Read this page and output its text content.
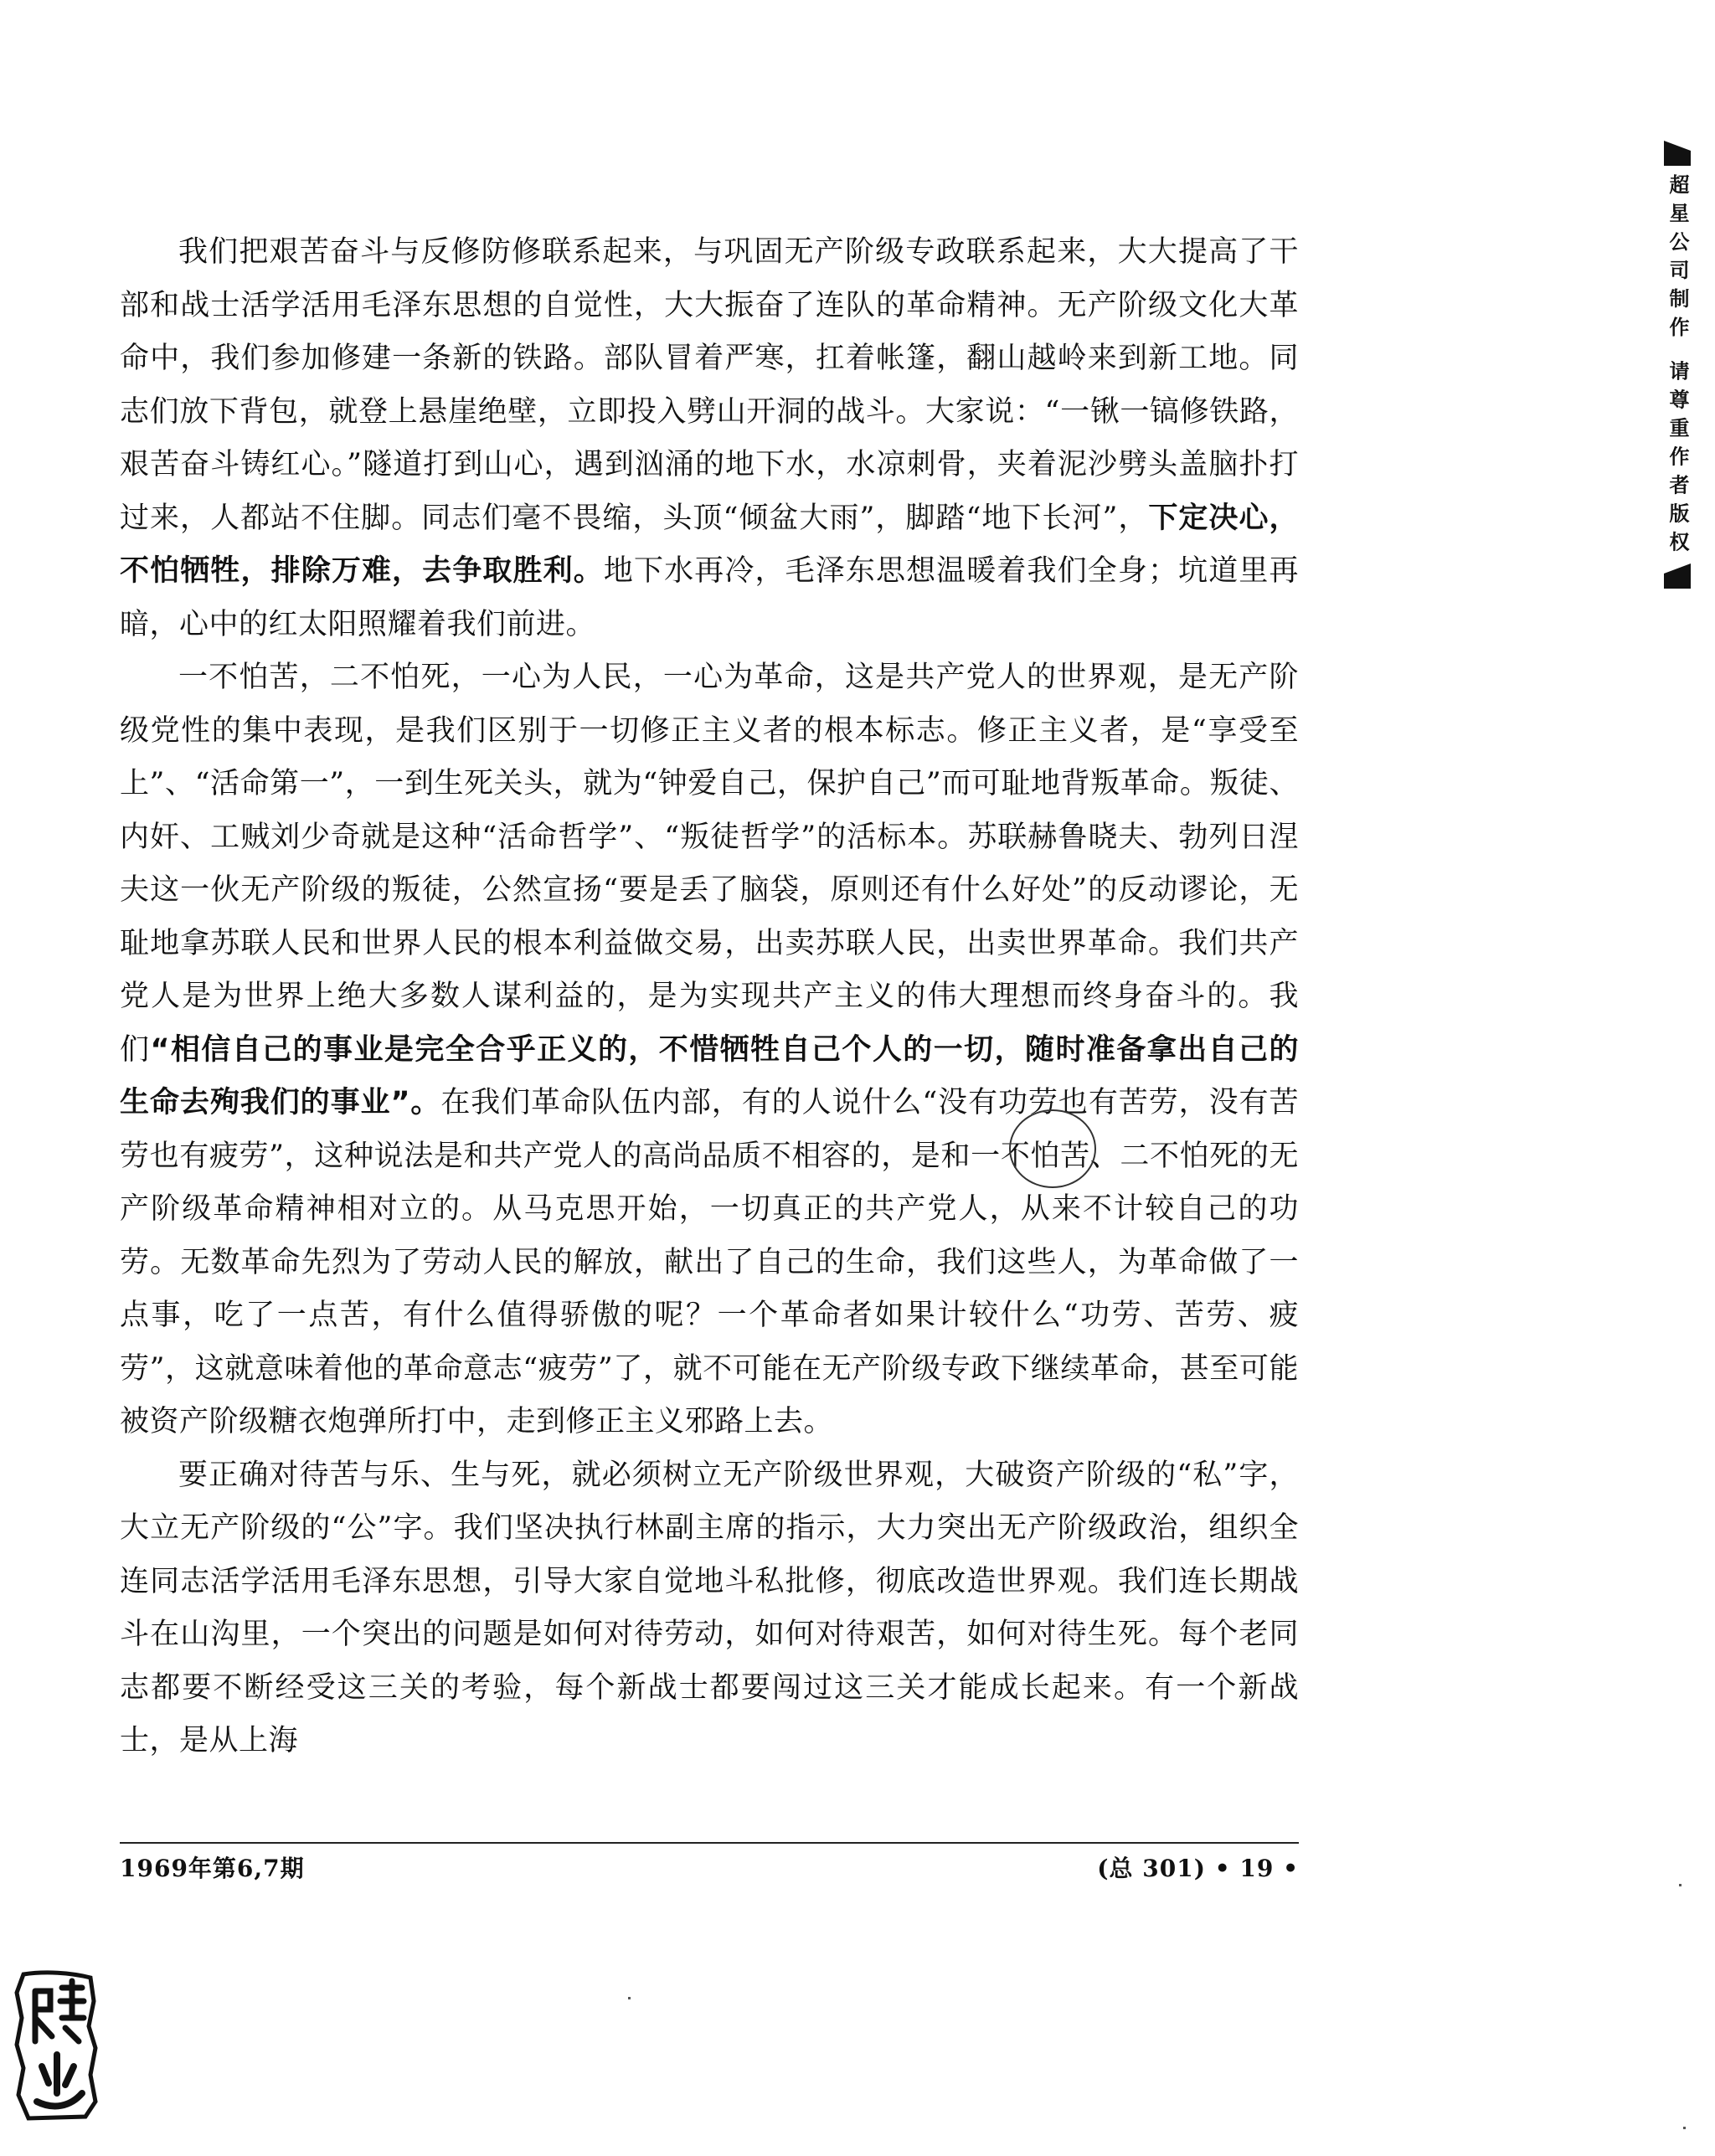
我们把艰苦奋斗与反修防修联系起来，与巩固无产阶级专政联系起来，大大提高了干部和战士活学活用毛泽东思想的自觉性，大大振奋了连队的革命精神。无产阶级文化大革命中，我们参加修建一条新的铁路。部队冒着严寒，扛着帐篷，翻山越岭来到新工地。同志们放下背包，就登上悬崖绝壁，立即投入劈山开洞的战斗。大家说：“一锹一镐修铁路，艰苦奋斗铸红心。”隧道打到山心，遇到汹涌的地下水，水凉刺骨，夹着泥沙劈头盖脑扑打过来，人都站不住脚。同志们毫不畏缩，头顶“倾盆大雨”，脚踏“地下长河”，下定决心，不怕牺牲，排除万难，去争取胜利。地下水再冷，毛泽东思想温暖着我们全身；坑道里再暗，心中的红太阳照耀着我们前进。

一不怕苦，二不怕死，一心为人民，一心为革命，这是共产党人的世界观，是无产阶级党性的集中表现，是我们区别于一切修正主义者的根本标志。修正主义者，是“享受至上”、“活命第一”，一到生死关头，就为“钟爱自己，保护自己”而可耻地背叛革命。叛徒、内奸、工贼刘少奇就是这种“活命哲学”、“叛徒哲学”的活标本。苏联赫鲁晓夫、勃列日涅夫这一伙无产阶级的叛徒，公然宣扬“要是丢了脑袋，原则还有什么好处”的反动谬论，无耻地拿苏联人民和世界人民的根本利益做交易，出卖苏联人民，出卖世界革命。我们共产党人是为世界上绝大多数人谋利益的，是为实现共产主义的伟大理想而终身奋斗的。我们“相信自己的事业是完全合乎正义的，不惜牺牲自己个人的一切，随时准备拿出自己的生命去殉我们的事业”。在我们革命队伍内部，有的人说什么“没有功劳也有苦劳，没有苦劳也有疲劳”，这种说法是和共产党人的高尚品质不相容的，是和一不怕苦、二不怕死的无产阶级革命精神相对立的。从马克思开始，一切真正的共产党人，从来不计较自己的功劳。无数革命先烈为了劳动人民的解放，献出了自己的生命，我们这些人，为革命做了一点事，吃了一点苦，有什么值得骄傲的呢？一个革命者如果计较什么“功劳、苦劳、疲劳”，这就意味着他的革命意志“疲劳”了，就不可能在无产阶级专政下继续革命，甚至可能被资产阶级糖衣炮弹所打中，走到修正主义邪路上去。

要正确对待苦与乐、生与死，就必须树立无产阶级世界观，大破资产阶级的“私”字，大立无产阶级的“公”字。我们坚决执行林副主席的指示，大力突出无产阶级政治，组织全连同志活学活用毛泽东思想，引导大家自觉地斗私批修，彻底改造世界观。我们连长期战斗在山沟里，一个突出的问题是如何对待劳动，如何对待艰苦，如何对待生死。每个老同志都要不断经受这三关的考验，每个新战士都要闯过这三关才能成长起来。有一个新战士，是从上海

1969年第6,7期	(总 301) • 19 •
超星公司制作 请尊重作者版权
